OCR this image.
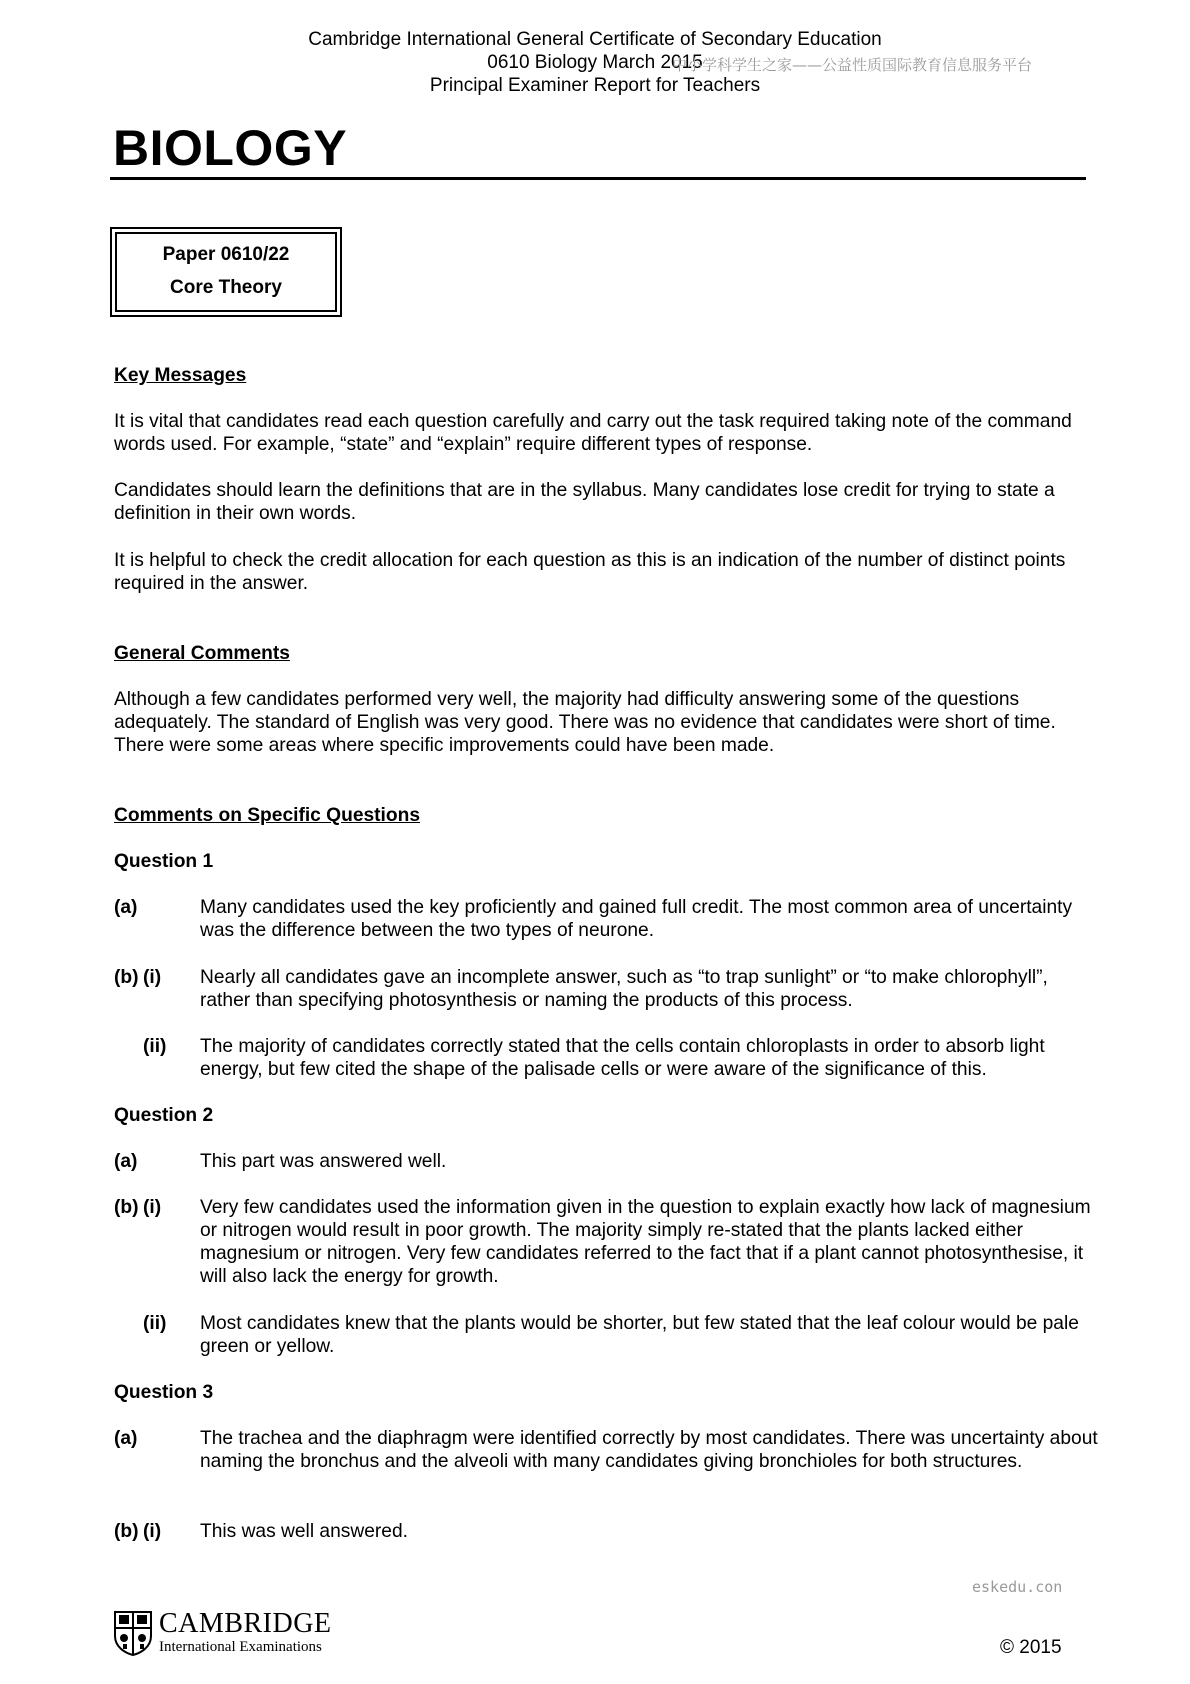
Cambridge International General Certificate of Secondary Education
0610 Biology March 2015
中小学科学生之家——公益性质国际教育信息服务平台
Principal Examiner Report for Teachers
BIOLOGY
Paper 0610/22
Core Theory
Key Messages
It is vital that candidates read each question carefully and carry out the task required taking note of the command words used. For example, “state” and “explain” require different types of response.
Candidates should learn the definitions that are in the syllabus. Many candidates lose credit for trying to state a definition in their own words.
It is helpful to check the credit allocation for each question as this is an indication of the number of distinct points required in the answer.
General Comments
Although a few candidates performed very well, the majority had difficulty answering some of the questions adequately. The standard of English was very good. There was no evidence that candidates were short of time. There were some areas where specific improvements could have been made.
Comments on Specific Questions
Question 1
(a)	Many candidates used the key proficiently and gained full credit. The most common area of uncertainty was the difference between the two types of neurone.
(b) (i) Nearly all candidates gave an incomplete answer, such as “to trap sunlight” or “to make chlorophyll”, rather than specifying photosynthesis or naming the products of this process.
(ii) The majority of candidates correctly stated that the cells contain chloroplasts in order to absorb light energy, but few cited the shape of the palisade cells or were aware of the significance of this.
Question 2
(a)	This part was answered well.
(b) (i) Very few candidates used the information given in the question to explain exactly how lack of magnesium or nitrogen would result in poor growth. The majority simply re-stated that the plants lacked either magnesium or nitrogen. Very few candidates referred to the fact that if a plant cannot photosynthesise, it will also lack the energy for growth.
(ii) Most candidates knew that the plants would be shorter, but few stated that the leaf colour would be pale green or yellow.
Question 3
(a)	The trachea and the diaphragm were identified correctly by most candidates. There was uncertainty about naming the bronchus and the alveoli with many candidates giving bronchioles for both structures.
(b) (i) This was well answered.
eskedu.con
CAMBRIDGE
International Examinations	© 2015
